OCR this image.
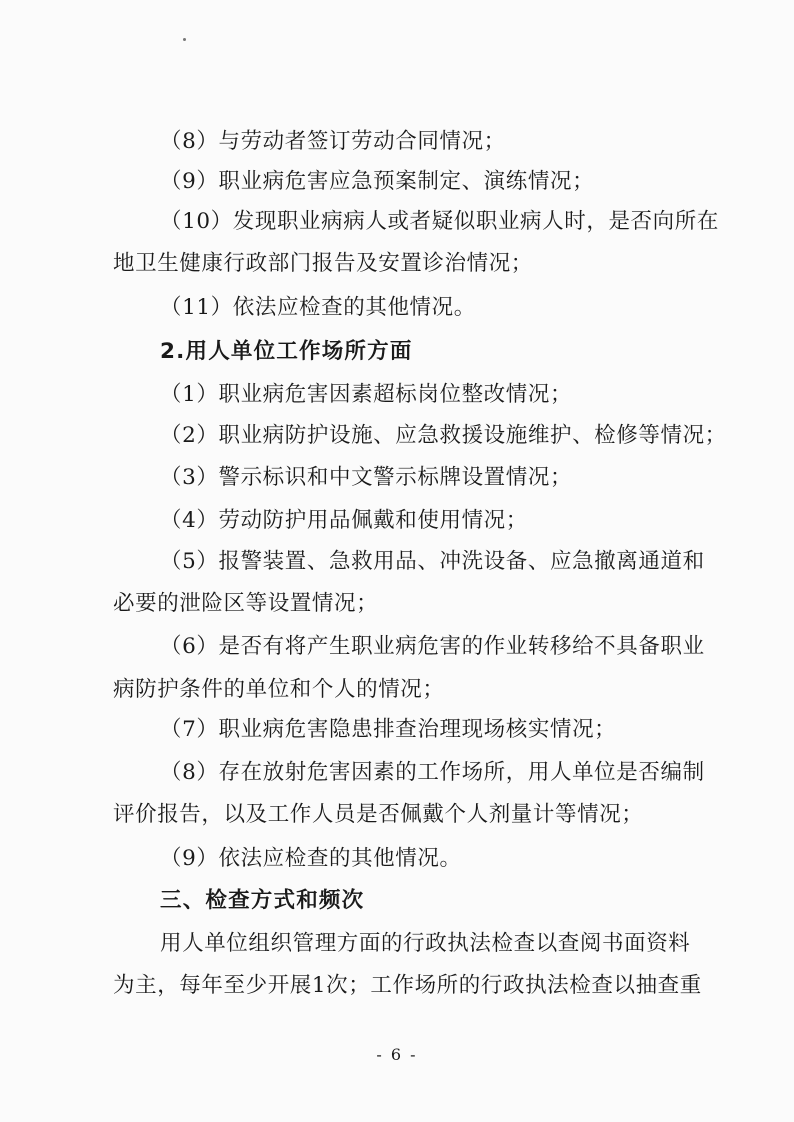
（8）与劳动者签订劳动合同情况；
（9）职业病危害应急预案制定、演练情况；
（10）发现职业病病人或者疑似职业病人时，是否向所在
地卫生健康行政部门报告及安置诊治情况；
（11）依法应检查的其他情况。
2.用人单位工作场所方面
（1）职业病危害因素超标岗位整改情况；
（2）职业病防护设施、应急救援设施维护、检修等情况；
（3）警示标识和中文警示标牌设置情况；
（4）劳动防护用品佩戴和使用情况；
（5）报警装置、急救用品、冲洗设备、应急撤离通道和
必要的泄险区等设置情况；
（6）是否有将产生职业病危害的作业转移给不具备职业
病防护条件的单位和个人的情况；
（7）职业病危害隐患排查治理现场核实情况；
（8）存在放射危害因素的工作场所，用人单位是否编制
评价报告，以及工作人员是否佩戴个人剂量计等情况；
（9）依法应检查的其他情况。
三、检查方式和频次
用人单位组织管理方面的行政执法检查以查阅书面资料
为主，每年至少开展1次；工作场所的行政执法检查以抽查重
- 6 -
